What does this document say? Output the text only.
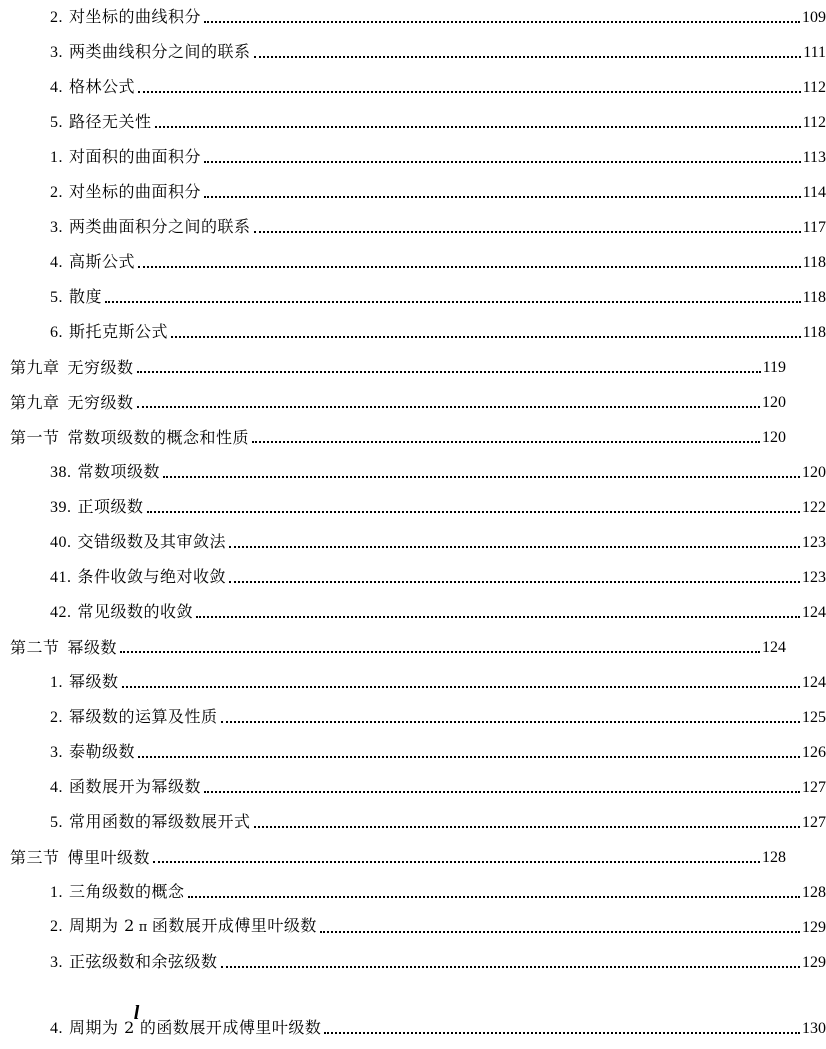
2. 对坐标的曲线积分	109
3. 两类曲线积分之间的联系	111
4. 格林公式	112
5. 路径无关性	112
1. 对面积的曲面积分	113
2. 对坐标的曲面积分	114
3. 两类曲面积分之间的联系	117
4. 高斯公式	118
5. 散度	118
6. 斯托克斯公式	118
第九章 无穷级数	119
第九章 无穷级数	120
第一节 常数项级数的概念和性质	120
38. 常数项级数	120
39. 正项级数	122
40. 交错级数及其审敛法	123
41. 条件收敛与绝对收敛	123
42. 常见级数的收敛	124
第二节 幂级数	124
1. 幂级数	124
2. 幂级数的运算及性质	125
3. 泰勒级数	126
4. 函数展开为幂级数	127
5. 常用函数的幂级数展开式	127
第三节 傅里叶级数	128
1. 三角级数的概念	128
2. 周期为 2 π 函数展开成傅里叶级数	129
3. 正弦级数和余弦级数	129
4. 周期为 2l的函数展开成傅里叶级数	130
